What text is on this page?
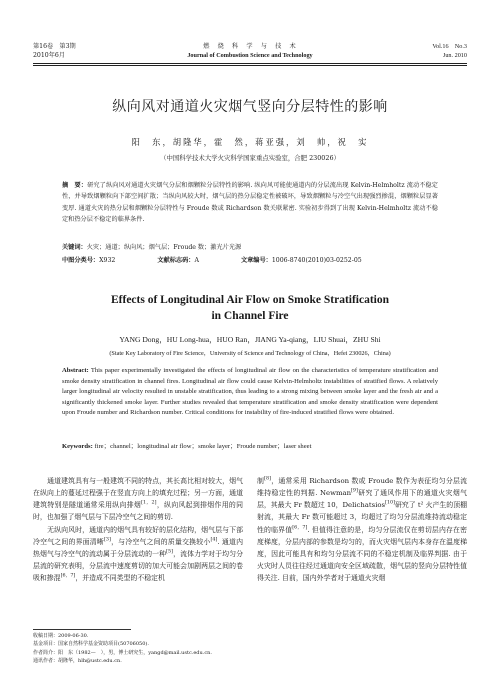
第16卷　第3期
2010年6月
燃　烧　科　学　与　技　术
Journal of Combustion Science and Technology
Vol.16　No.3
Jun. 2010
纵向风对通道火灾烟气竖向分层特性的影响
阳　东，胡隆华，霍　然，蒋亚强，刘　帅，祝　实
（中国科学技术大学火灾科学国家重点实验室，合肥 230026）
摘　要：研究了纵向风对通道火灾烟气分层和烟颗粒分层特性的影响. 纵向风可能使通道内的分层流出现 Kelvin-Helmholtz 流动不稳定性，并导致烟颗粒向下部空间扩散；当纵向风较大时，烟气层的热分层稳定性被破坏，导致烟颗粒与冷空气出现强烈掺混，烟颗粒层显著变厚. 通道火灾的热分层和烟颗粒分层特性与 Froude 数或 Richardson 数关联紧密. 实验初步得到了出现 Kelvin-Helmholtz 流动不稳定和热分层不稳定的临界条件.
关键词：火灾；通道；纵向风；烟气层；Froude 数；激光片光源
中图分类号：X932	文献标志码：A	文章编号：1006-8740(2010)03-0252-05
Effects of Longitudinal Air Flow on Smoke Stratification
in Channel Fire
YANG Dong，HU Long-hua，HUO Ran，JIANG Ya-qiang，LIU Shuai，ZHU Shi
(State Key Laboratory of Fire Science，University of Science and Technology of China，Hefei 230026，China)
Abstract: This paper experimentally investigated the effects of longitudinal air flow on the characteristics of temperature stratification and smoke density stratification in channel fires. Longitudinal air flow could cause Kelvin-Helmholtz instabilities of stratified flows. A relatively larger longitudinal air velocity resulted in unstable stratification, thus leading to a strong mixing between smoke layer and the fresh air and a significantly thickened smoke layer. Further studies revealed that temperature stratification and smoke density stratification were dependent upon Froude number and Richardson number. Critical conditions for instability of fire-induced stratified flows were obtained.
Keywords: fire；channel；longitudinal air flow；smoke layer；Froude number；laser sheet
通道建筑具有与一般建筑不同的特点，其长高比相对较大，烟气在纵向上的蔓延过程强于在竖直方向上的填充过程；另一方面，通道建筑特别是隧道通常采用纵向排烟[1，2]，纵向风起到排烟作用的同时，也加强了烟气层与下层冷空气之间的剪切.
无纵向风时，通道内的烟气具有较好的层化结构，烟气层与下部冷空气之间的界面清晰[3]，与冷空气之间的质量交换较小[4]. 通道内热烟气与冷空气的流动属于分层流动的一种[5]，流体力学对于均匀分层流的研究表明，分层流中速度剪切的加大可能会加剧两层之间的卷吸和掺混[6，7]，并造成不同类型的不稳定机
制[8]，通常采用 Richardson 数或 Froude 数作为表征均匀分层流维持稳定性的判据. Newman[9]研究了通风作用下的通道火灾烟气层，其最大 Fr 数超过 10，Delichatsios[10]研究了 t² 火产生的顶棚射流，其最大 Fr 数可能超过 3，均超过了均匀分层流维持流动稳定性的临界值[6，7]. 但值得注意的是，均匀分层流仅在剪切层内存在密度梯度，分层内部的参数是均匀的，而火灾烟气层内本身存在温度梯度，因此可能具有和均匀分层流不同的不稳定机制及临界判据. 由于火灾时人员往往经过通道向安全区域疏散，烟气层的竖向分层特性值得关注. 目前，国内外学者对于通道火灾烟
收稿日期：2009-06-30.
基金项目：国家自然科学基金资助项目(50706050).
作者简介：阳　东（1982—　），男，博士研究生，yangd@mail.ustc.edu.cn.
通讯作者：胡隆华，hlh@ustc.edu.cn.
